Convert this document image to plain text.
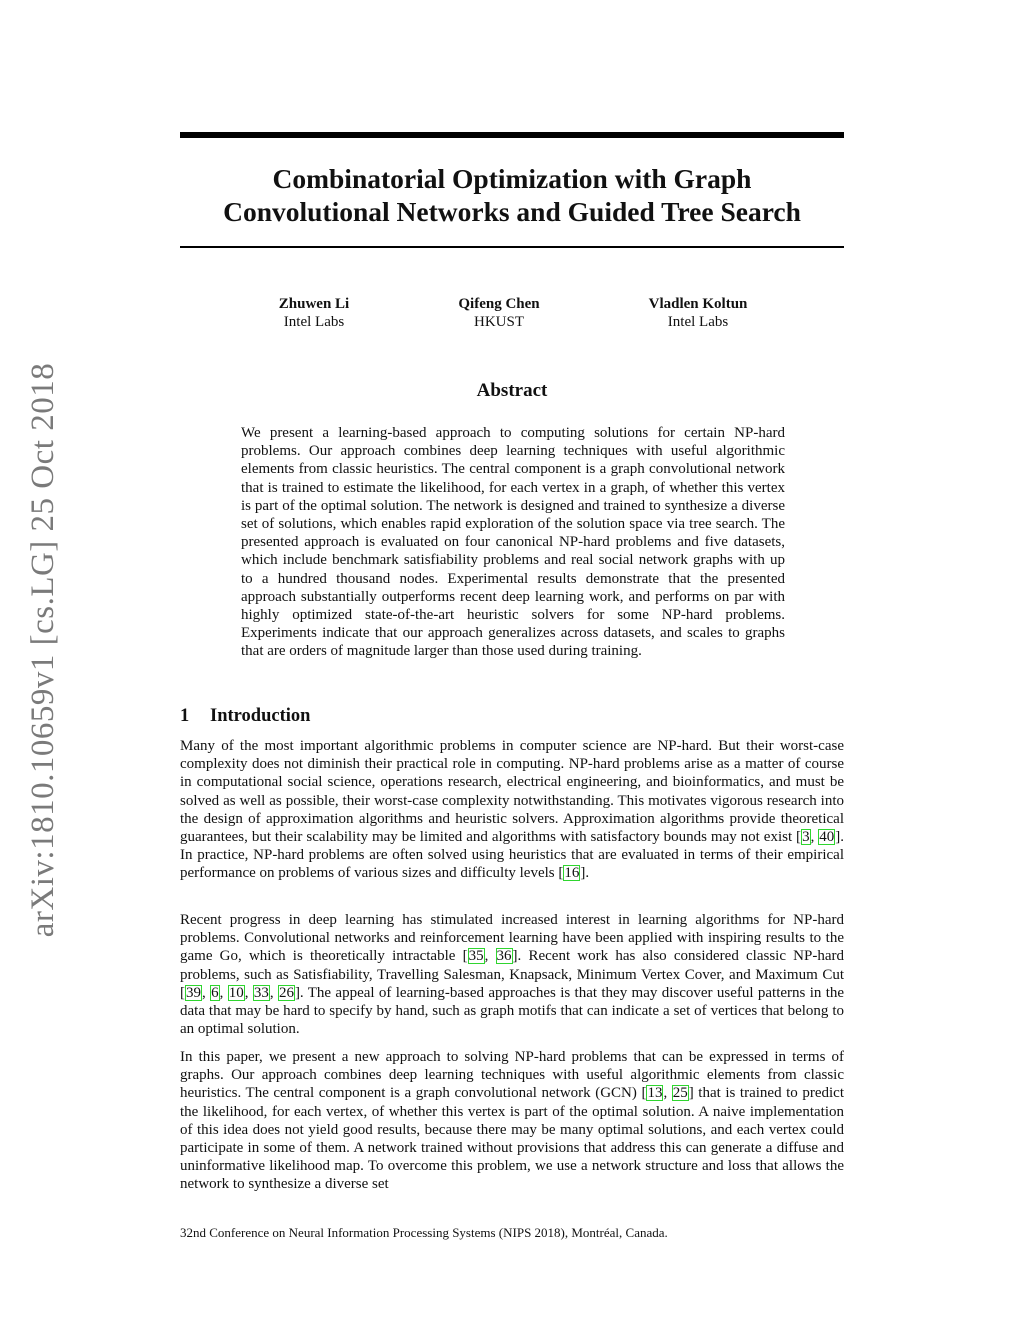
arXiv:1810.10659v1 [cs.LG] 25 Oct 2018
Combinatorial Optimization with Graph
Convolutional Networks and Guided Tree Search
Zhuwen Li
Intel Labs
Qifeng Chen
HKUST
Vladlen Koltun
Intel Labs
Abstract

We present a learning-based approach to computing solutions for certain NP-hard problems. Our approach combines deep learning techniques with useful algorithmic elements from classic heuristics. The central component is a graph convolutional network that is trained to estimate the likelihood, for each vertex in a graph, of whether this vertex is part of the optimal solution. The network is designed and trained to synthesize a diverse set of solutions, which enables rapid exploration of the solution space via tree search. The presented approach is evaluated on four canonical NP-hard problems and five datasets, which include benchmark satisfiability problems and real social network graphs with up to a hundred thousand nodes. Experimental results demonstrate that the presented approach substantially outperforms recent deep learning work, and performs on par with highly optimized state-of-the-art heuristic solvers for some NP-hard problems. Experiments indicate that our approach generalizes across datasets, and scales to graphs that are orders of magnitude larger than those used during training.

1 Introduction

Many of the most important algorithmic problems in computer science are NP-hard. But their worst-case complexity does not diminish their practical role in computing. NP-hard problems arise as a matter of course in computational social science, operations research, electrical engineering, and bioinformatics, and must be solved as well as possible, their worst-case complexity notwithstanding. This motivates vigorous research into the design of approximation algorithms and heuristic solvers. Approximation algorithms provide theoretical guarantees, but their scalability may be limited and algorithms with satisfactory bounds may not exist [3, 40]. In practice, NP-hard problems are often solved using heuristics that are evaluated in terms of their empirical performance on problems of various sizes and difficulty levels [16].

Recent progress in deep learning has stimulated increased interest in learning algorithms for NP-hard problems. Convolutional networks and reinforcement learning have been applied with inspiring results to the game Go, which is theoretically intractable [35, 36]. Recent work has also considered classic NP-hard problems, such as Satisfiability, Travelling Salesman, Knapsack, Minimum Vertex Cover, and Maximum Cut [39, 6, 10, 33, 26]. The appeal of learning-based approaches is that they may discover useful patterns in the data that may be hard to specify by hand, such as graph motifs that can indicate a set of vertices that belong to an optimal solution.

In this paper, we present a new approach to solving NP-hard problems that can be expressed in terms of graphs. Our approach combines deep learning techniques with useful algorithmic elements from classic heuristics. The central component is a graph convolutional network (GCN) [13, 25] that is trained to predict the likelihood, for each vertex, of whether this vertex is part of the optimal solution. A naive implementation of this idea does not yield good results, because there may be many optimal solutions, and each vertex could participate in some of them. A network trained without provisions that address this can generate a diffuse and uninformative likelihood map. To overcome this problem, we use a network structure and loss that allows the network to synthesize a diverse set

32nd Conference on Neural Information Processing Systems (NIPS 2018), Montréal, Canada.
